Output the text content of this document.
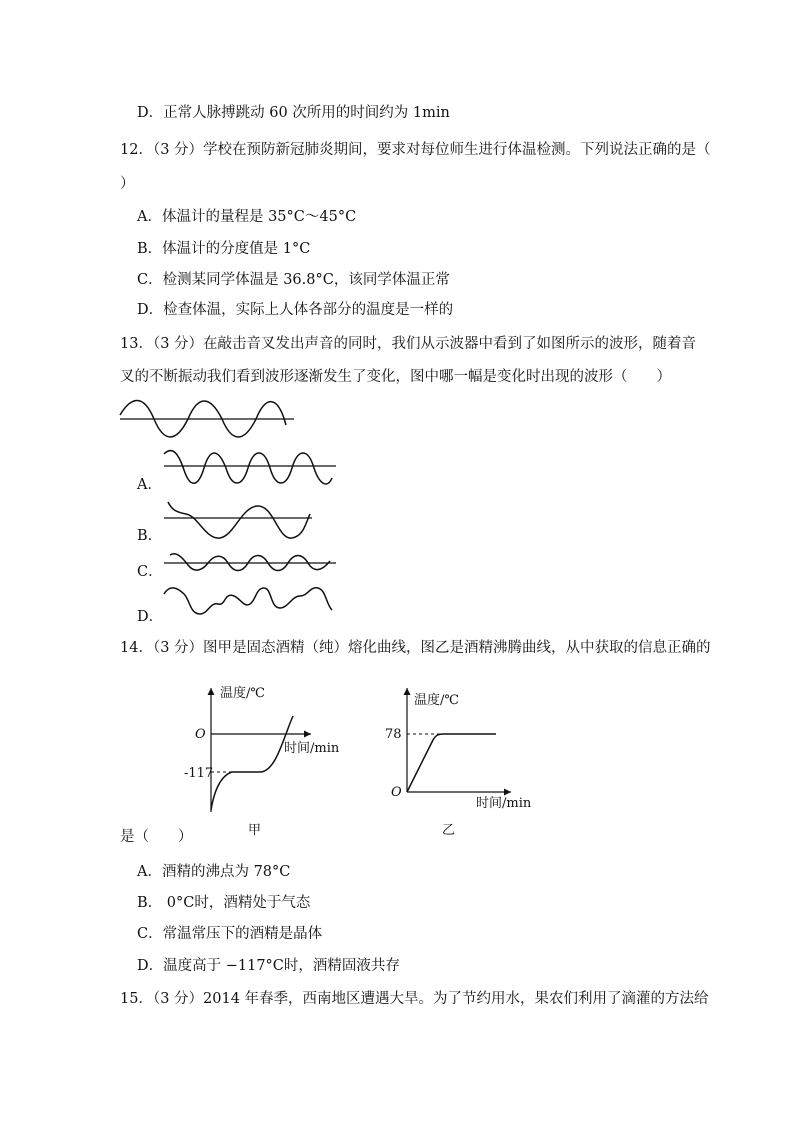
D．正常人脉搏跳动 60 次所用的时间约为 1min
12．（3 分）学校在预防新冠肺炎期间，要求对每位师生进行体温检测。下列说法正确的是（
）
A．体温计的量程是 35°C～45°C
B．体温计的分度值是 1°C
C．检测某同学体温是 36.8°C，该同学体温正常
D．检查体温，实际上人体各部分的温度是一样的
13．（3 分）在敲击音叉发出声音的同时，我们从示波器中看到了如图所示的波形，随着音
叉的不断振动我们看到波形逐渐发生了变化，图中哪一幅是变化时出现的波形（　　）
A．
B．
C．
D．
14．（3 分）图甲是固态酒精（纯）熔化曲线，图乙是酒精沸腾曲线，从中获取的信息正确的
温度/℃
O
时间/min
-117
甲
是（　　）
温度/℃
78
O
时间/min
乙
A．酒精的沸点为 78°C
B． 0°C时，酒精处于气态
C．常温常压下的酒精是晶体
D．温度高于 −117°C时，酒精固液共存
15．（3 分）2014 年春季，西南地区遭遇大旱。为了节约用水，果农们利用了滴灌的方法给
